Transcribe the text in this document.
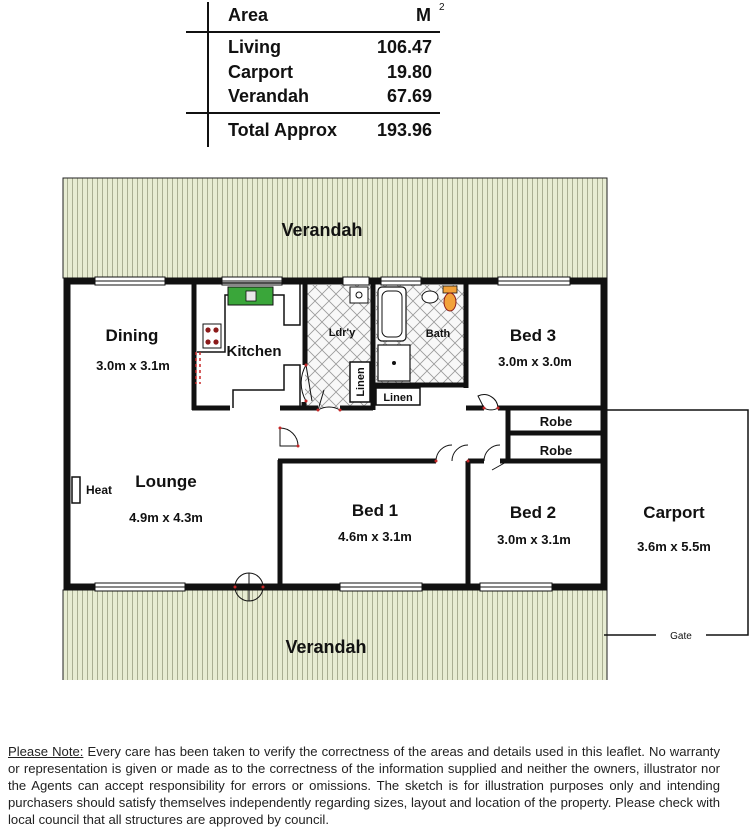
Area	M $^2$
Living	106.47
Carport	19.80
Verandah	67.69
Total Approx 193.96
Verandah
Verandah
Dining
3.0m x 3.1m
Kitchen
Ldr'y	Bath
Linen
Bed 3
3.0m x 3.0m
Robe
Robe
Lounge
4.9m x 4.3m
Heat
Bed 1
4.6m x 3.1m
Bed 2
3.0m x 3.1m
Carport
3.6m x 5.5m
Gate
Linen
Please Note: Every care has been taken to verify the correctness of the areas and details used in this leaflet. No warranty or representation is given or made as to the correctness of the information supplied and neither the owners, illustrator nor the Agents can accept responsibility for errors or omissions. The sketch is for illustration purposes only and intending purchasers should satisfy themselves independently regarding sizes, layout and location of the property. Please check with local council that all structures are approved by council.
